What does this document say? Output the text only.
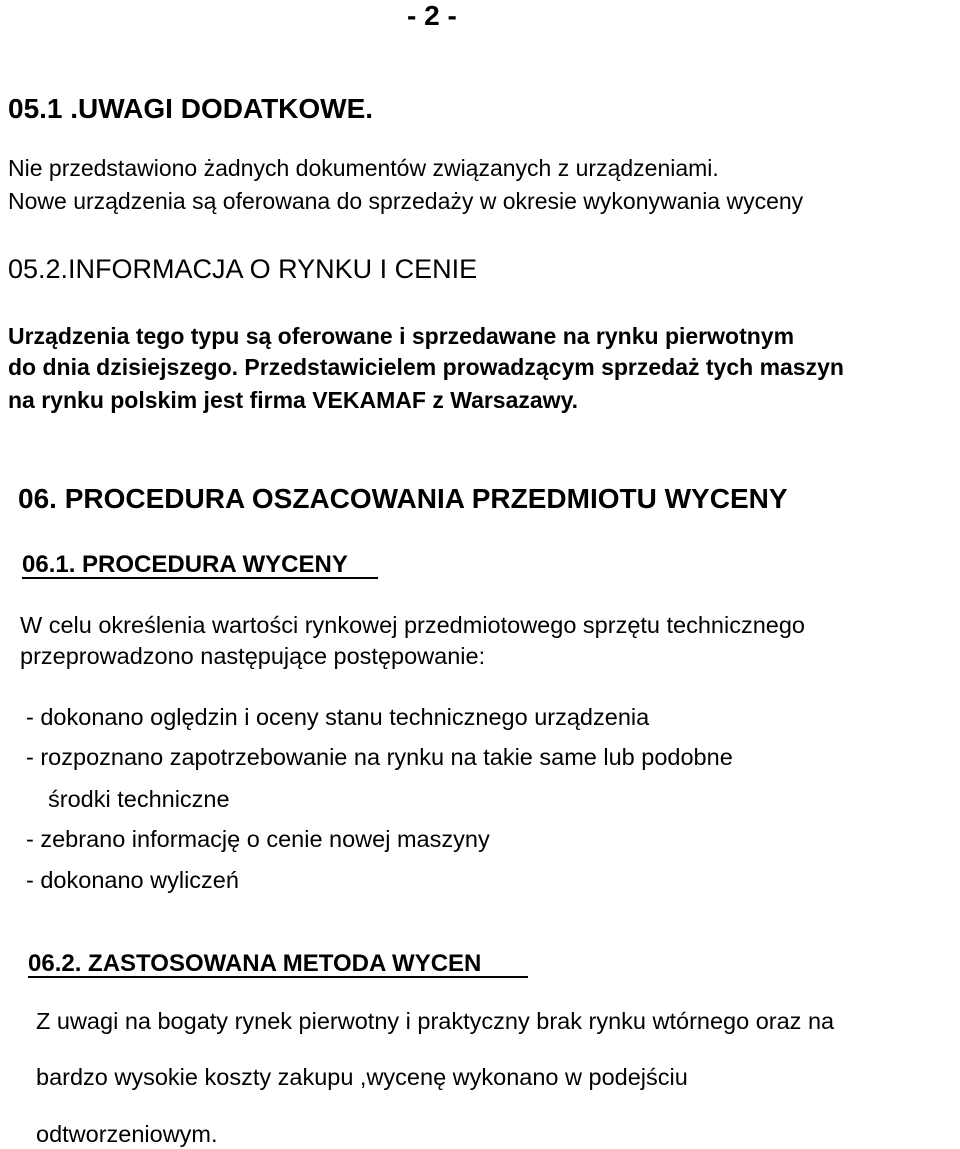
- 2 -
05.1 .UWAGI DODATKOWE.
Nie przedstawiono żadnych dokumentów związanych z urządzeniami.
Nowe urządzenia są oferowana do sprzedaży w okresie wykonywania wyceny
05.2.INFORMACJA O RYNKU I CENIE
Urządzenia tego typu są oferowane i sprzedawane na rynku pierwotnym
do dnia dzisiejszego. Przedstawicielem prowadzącym sprzedaż tych maszyn
na rynku polskim jest firma VEKAMAF z Warsazawy.
06. PROCEDURA OSZACOWANIA PRZEDMIOTU WYCENY
06.1. PROCEDURA WYCENY
W celu określenia wartości rynkowej przedmiotowego sprzętu technicznego
przeprowadzono następujące postępowanie:
- dokonano oględzin i oceny stanu technicznego urządzenia
- rozpoznano zapotrzebowanie na rynku na takie same lub podobne
środki techniczne
- zebrano informację o cenie nowej maszyny
- dokonano wyliczeń
06.2. ZASTOSOWANA METODA WYCEN
Z uwagi na bogaty rynek pierwotny i praktyczny brak rynku wtórnego oraz na
bardzo wysokie koszty zakupu ,wycenę wykonano w podejściu
odtworzeniowym.
